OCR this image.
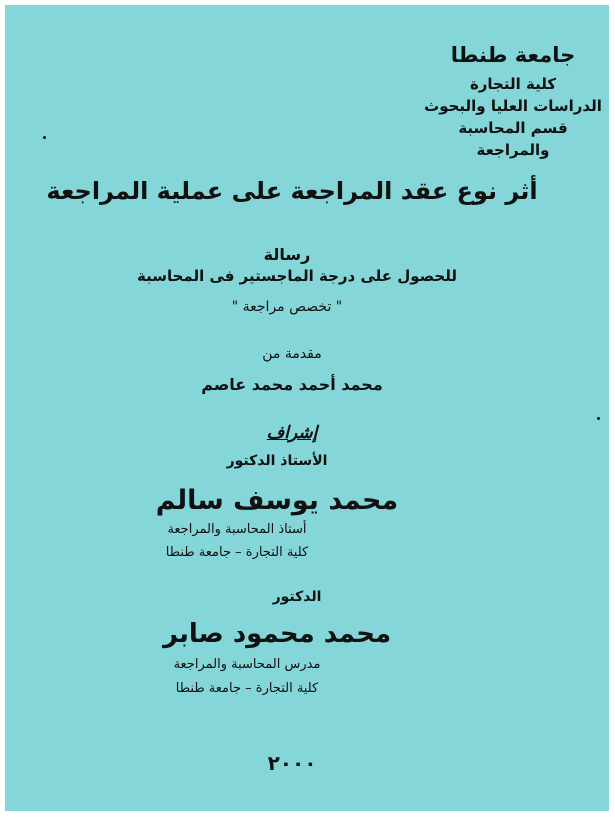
جامعة طنطا
كلية التجارة
الدراسات العليا والبحوث
قسم المحاسبة والمراجعة
أثر نوع عقد المراجعة على عملية المراجعة
رسالة
للحصول على درجة الماجستير فى المحاسبة
" تخصص مراجعة "
مقدمة من
محمد أحمد محمد عاصم
إشراف
الأستاذ الدكتور
محمد يوسف سالم
أستاذ المحاسبة والمراجعة
كلية التجارة – جامعة طنطا
الدكتور
محمد محمود صابر
مدرس المحاسبة والمراجعة
كلية التجارة – جامعة طنطا
٢٠٠٠
